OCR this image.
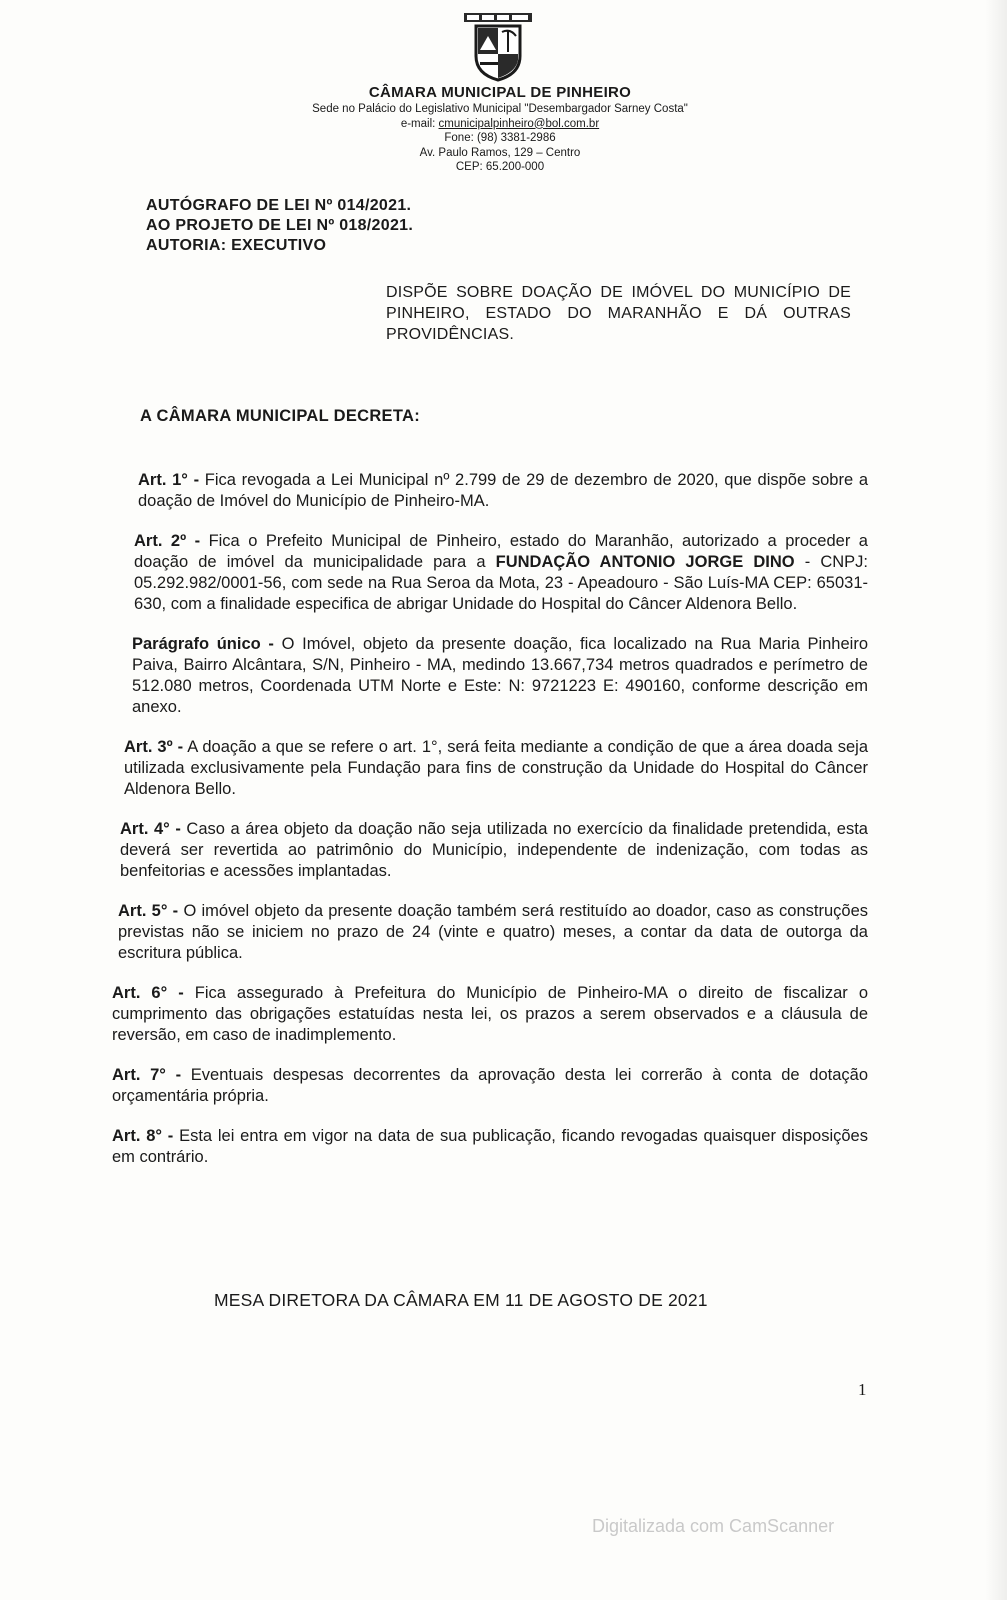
CÂMARA MUNICIPAL DE PINHEIRO

Sede no Palácio do Legislativo Municipal "Desembargador Sarney Costa"

e-mail: cmunicipalpinheiro@bol.com.br

Fone: (98) 3381-2986

Av. Paulo Ramos, 129 – Centro

CEP: 65.200-000

AUTÓGRAFO DE LEI Nº 014/2021.

AO PROJETO DE LEI Nº 018/2021.

AUTORIA: EXECUTIVO

DISPÕE SOBRE DOAÇÃO DE IMÓVEL DO MUNICÍPIO DE PINHEIRO, ESTADO DO MARANHÃO E DÁ OUTRAS PROVIDÊNCIAS.
A CÂMARA MUNICIPAL DECRETA:

Art. 1° - Fica revogada a Lei Municipal nº 2.799 de 29 de dezembro de 2020, que dispõe sobre a doação de Imóvel do Município de Pinheiro-MA.

Art. 2º - Fica o Prefeito Municipal de Pinheiro, estado do Maranhão, autorizado a proceder a doação de imóvel da municipalidade para a FUNDAÇÃO ANTONIO JORGE DINO - CNPJ: 05.292.982/0001-56, com sede na Rua Seroa da Mota, 23 - Apeadouro - São Luís-MA CEP: 65031-630, com a finalidade especifica de abrigar Unidade do Hospital do Câncer Aldenora Bello.

Parágrafo único - O Imóvel, objeto da presente doação, fica localizado na Rua Maria Pinheiro Paiva, Bairro Alcântara, S/N, Pinheiro - MA, medindo 13.667,734 metros quadrados e perímetro de 512.080 metros, Coordenada UTM Norte e Este: N: 9721223 E: 490160, conforme descrição em anexo.

Art. 3º - A doação a que se refere o art. 1°, será feita mediante a condição de que a área doada seja utilizada exclusivamente pela Fundação para fins de construção da Unidade do Hospital do Câncer Aldenora Bello.

Art. 4° - Caso a área objeto da doação não seja utilizada no exercício da finalidade pretendida, esta deverá ser revertida ao patrimônio do Município, independente de indenização, com todas as benfeitorias e acessões implantadas.

Art. 5° - O imóvel objeto da presente doação também será restituído ao doador, caso as construções previstas não se iniciem no prazo de 24 (vinte e quatro) meses, a contar da data de outorga da escritura pública.

Art. 6° - Fica assegurado à Prefeitura do Município de Pinheiro-MA o direito de fiscalizar o cumprimento das obrigações estatuídas nesta lei, os prazos a serem observados e a cláusula de reversão, em caso de inadimplemento.

Art. 7° - Eventuais despesas decorrentes da aprovação desta lei correrão à conta de dotação orçamentária própria.

Art. 8° - Esta lei entra em vigor na data de sua publicação, ficando revogadas quaisquer disposições em contrário.

MESA DIRETORA DA CÂMARA EM 11 DE AGOSTO DE 2021
1
Digitalizada com CamScanner
